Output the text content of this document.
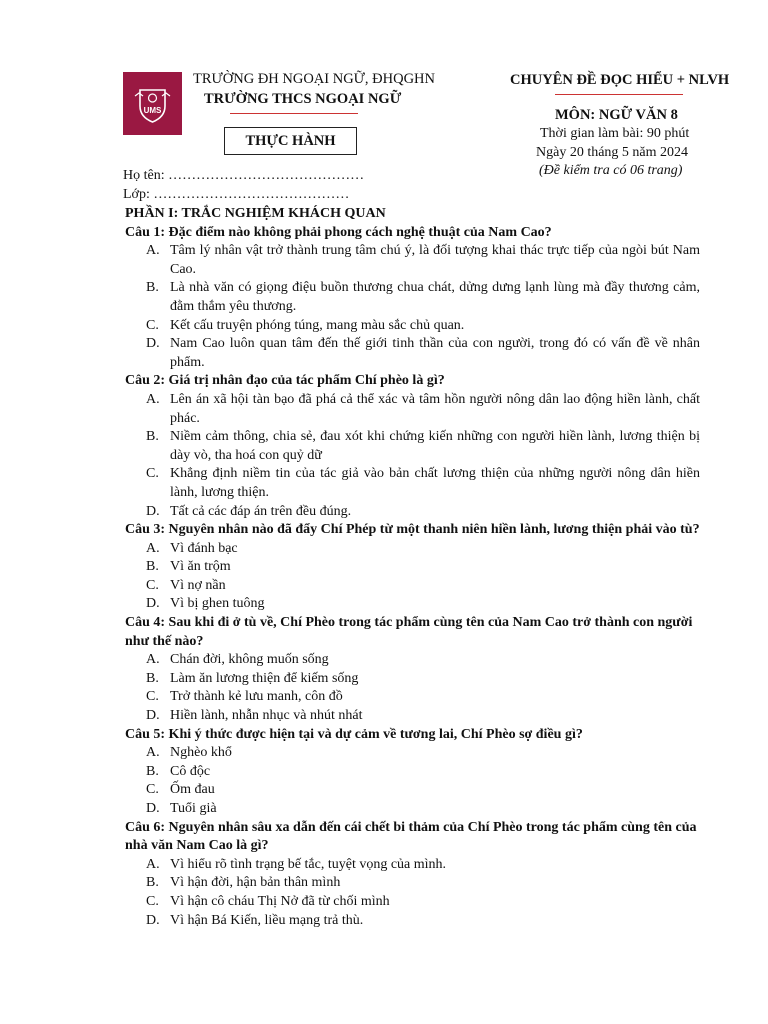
UMS
TRƯỜNG ĐH NGOẠI NGỮ, ĐHQGHN
TRƯỜNG THCS NGOẠI NGỮ
CHUYÊN ĐỀ ĐỌC HIỂU + NLVH
MÔN: NGỮ VĂN 8
Thời gian làm bài: 90 phút
Ngày 20 tháng 5 năm 2024
(Đề kiểm tra có 06 trang)
THỰC HÀNH
Họ tên: ……………………………………
Lớp: ……………………………………
PHẦN I: TRẮC NGHIỆM KHÁCH QUAN
Câu 1: Đặc điểm nào không phải phong cách nghệ thuật của Nam Cao?
A. Tâm lý nhân vật trở thành trung tâm chú ý, là đối tượng khai thác trực tiếp của ngòi bút Nam Cao.
B. Là nhà văn có giọng điệu buồn thương chua chát, dửng dưng lạnh lùng mà đầy thương cảm, đằm thắm yêu thương.
C. Kết cấu truyện phóng túng, mang màu sắc chủ quan.
D. Nam Cao luôn quan tâm đến thế giới tinh thần của con người, trong đó có vấn đề về nhân phẩm.
Câu 2: Giá trị nhân đạo của tác phẩm Chí phèo là gì?
A. Lên án xã hội tàn bạo đã phá cả thể xác và tâm hồn người nông dân lao động hiền lành, chất phác.
B. Niềm cảm thông, chia sẻ, đau xót khi chứng kiến những con người hiền lành, lương thiện bị dày vò, tha hoá con quỷ dữ
C. Khẳng định niềm tin của tác giả vào bản chất lương thiện của những người nông dân hiền lành, lương thiện.
D. Tất cả các đáp án trên đều đúng.
Câu 3: Nguyên nhân nào đã đẩy Chí Phép từ một thanh niên hiền lành, lương thiện phải vào tù?
A. Vì đánh bạc
B. Vì ăn trộm
C. Vì nợ nần
D. Vì bị ghen tuông
Câu 4: Sau khi đi ở tù về, Chí Phèo trong tác phẩm cùng tên của Nam Cao trở thành con người như thế nào?
A. Chán đời, không muốn sống
B. Làm ăn lương thiện để kiếm sống
C. Trở thành kẻ lưu manh, côn đồ
D. Hiền lành, nhẫn nhục và nhút nhát
Câu 5: Khi ý thức được hiện tại và dự cảm về tương lai, Chí Phèo sợ điều gì?
A. Nghèo khổ
B. Cô độc
C. Ốm đau
D. Tuổi già
Câu 6: Nguyên nhân sâu xa dẫn đến cái chết bi thảm của Chí Phèo trong tác phẩm cùng tên của nhà văn Nam Cao là gì?
A. Vì hiểu rõ tình trạng bế tắc, tuyệt vọng của mình.
B. Vì hận đời, hận bản thân mình
C. Vì hận cô cháu Thị Nở đã từ chối mình
D. Vì hận Bá Kiến, liều mạng trả thù.
